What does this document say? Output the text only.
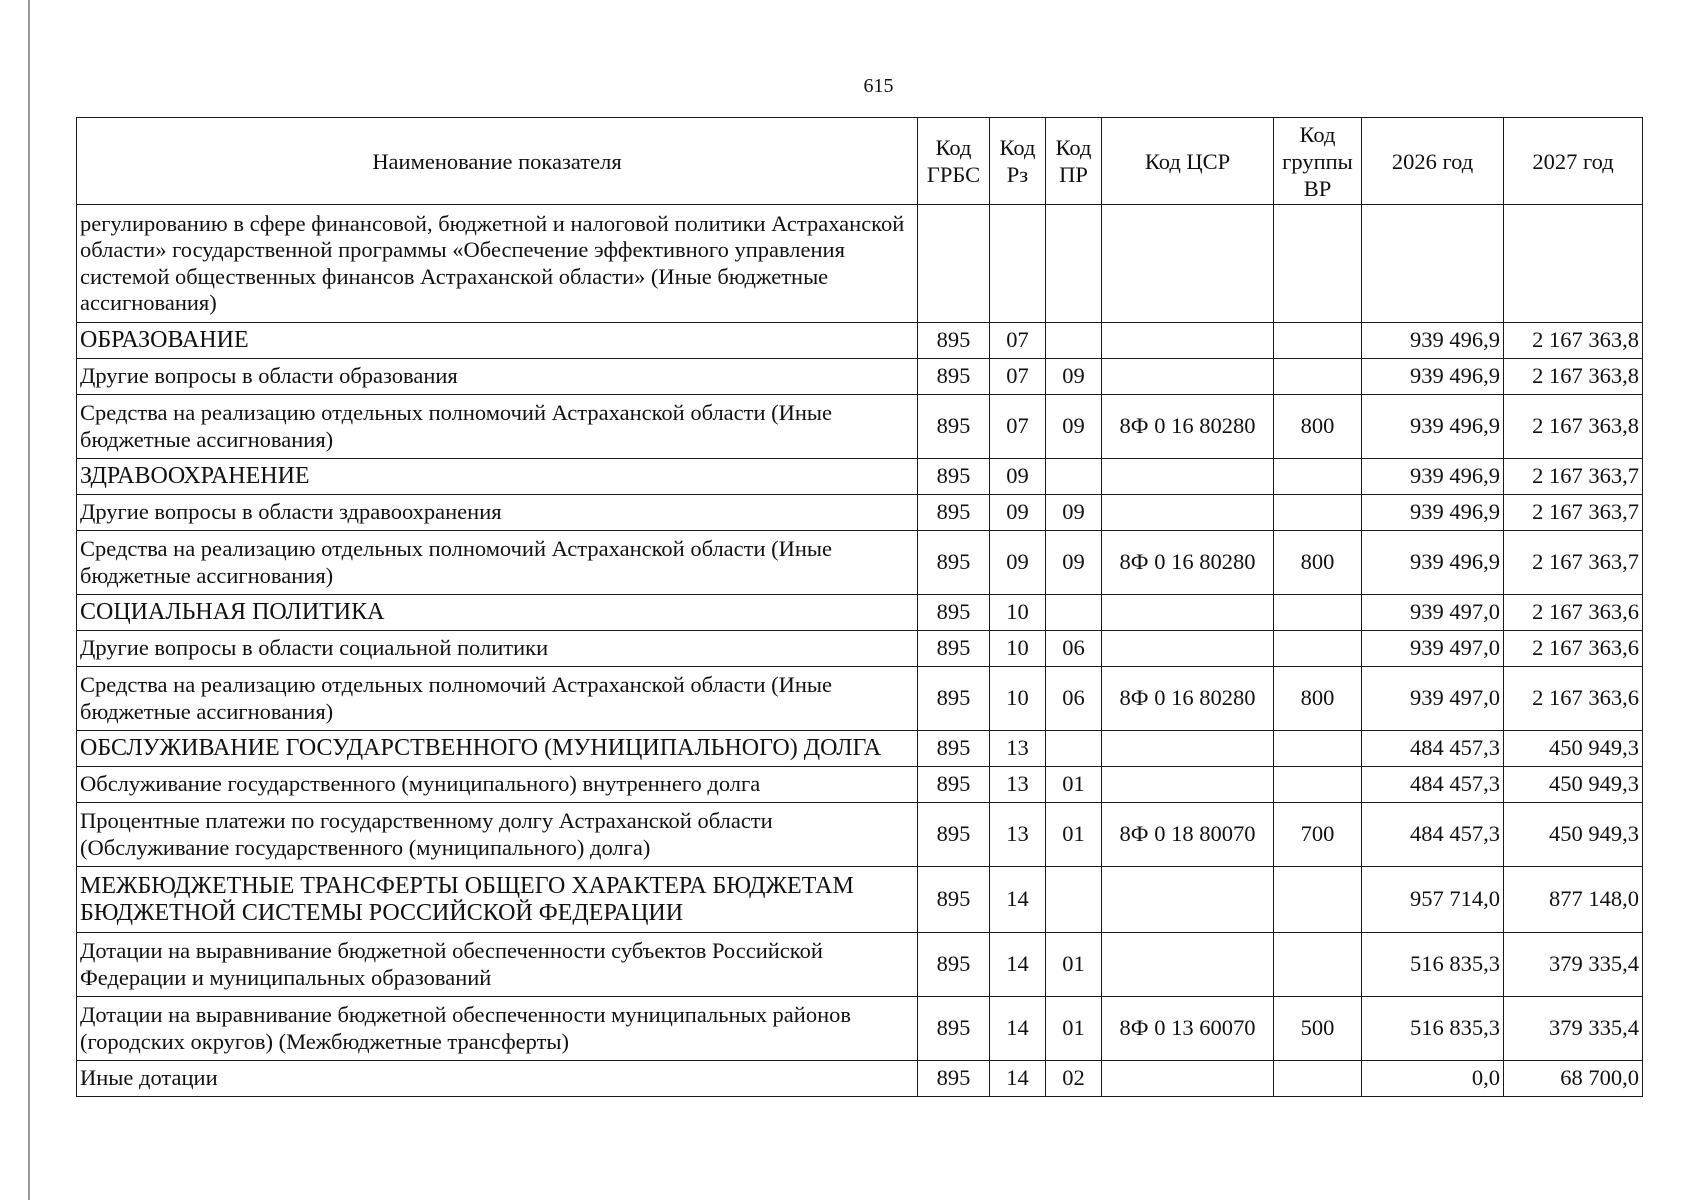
615
Наименование показателя	Код ГРБС	Код Рз	Код ПР	Код ЦСР	Код группы ВР	2026 год	2027 год
регулированию в сфере финансовой, бюджетной и налоговой политики Астраханской области» государственной программы «Обеспечение эффективного управления системой общественных финансов Астраханской области» (Иные бюджетные ассигнования)							
ОБРАЗОВАНИЕ	895	07				939 496,9	2 167 363,8
Другие вопросы в области образования	895	07	09			939 496,9	2 167 363,8
Средства на реализацию отдельных полномочий Астраханской области (Иные бюджетные ассигнования)	895	07	09	8Ф 0 16 80280	800	939 496,9	2 167 363,8
ЗДРАВООХРАНЕНИЕ	895	09				939 496,9	2 167 363,7
Другие вопросы в области здравоохранения	895	09	09			939 496,9	2 167 363,7
Средства на реализацию отдельных полномочий Астраханской области (Иные бюджетные ассигнования)	895	09	09	8Ф 0 16 80280	800	939 496,9	2 167 363,7
СОЦИАЛЬНАЯ ПОЛИТИКА	895	10				939 497,0	2 167 363,6
Другие вопросы в области социальной политики	895	10	06			939 497,0	2 167 363,6
Средства на реализацию отдельных полномочий Астраханской области (Иные бюджетные ассигнования)	895	10	06	8Ф 0 16 80280	800	939 497,0	2 167 363,6
ОБСЛУЖИВАНИЕ ГОСУДАРСТВЕННОГО (МУНИЦИПАЛЬНОГО) ДОЛГА	895	13				484 457,3	450 949,3
Обслуживание государственного (муниципального) внутреннего долга	895	13	01			484 457,3	450 949,3
Процентные платежи по государственному долгу Астраханской области (Обслуживание государственного (муниципального) долга)	895	13	01	8Ф 0 18 80070	700	484 457,3	450 949,3
МЕЖБЮДЖЕТНЫЕ ТРАНСФЕРТЫ ОБЩЕГО ХАРАКТЕРА БЮДЖЕТАМ БЮДЖЕТНОЙ СИСТЕМЫ РОССИЙСКОЙ ФЕДЕРАЦИИ	895	14				957 714,0	877 148,0
Дотации на выравнивание бюджетной обеспеченности субъектов Российской Федерации и муниципальных образований	895	14	01			516 835,3	379 335,4
Дотации на выравнивание бюджетной обеспеченности муниципальных районов (городских округов) (Межбюджетные трансферты)	895	14	01	8Ф 0 13 60070	500	516 835,3	379 335,4
Иные дотации	895	14	02			0,0	68 700,0
